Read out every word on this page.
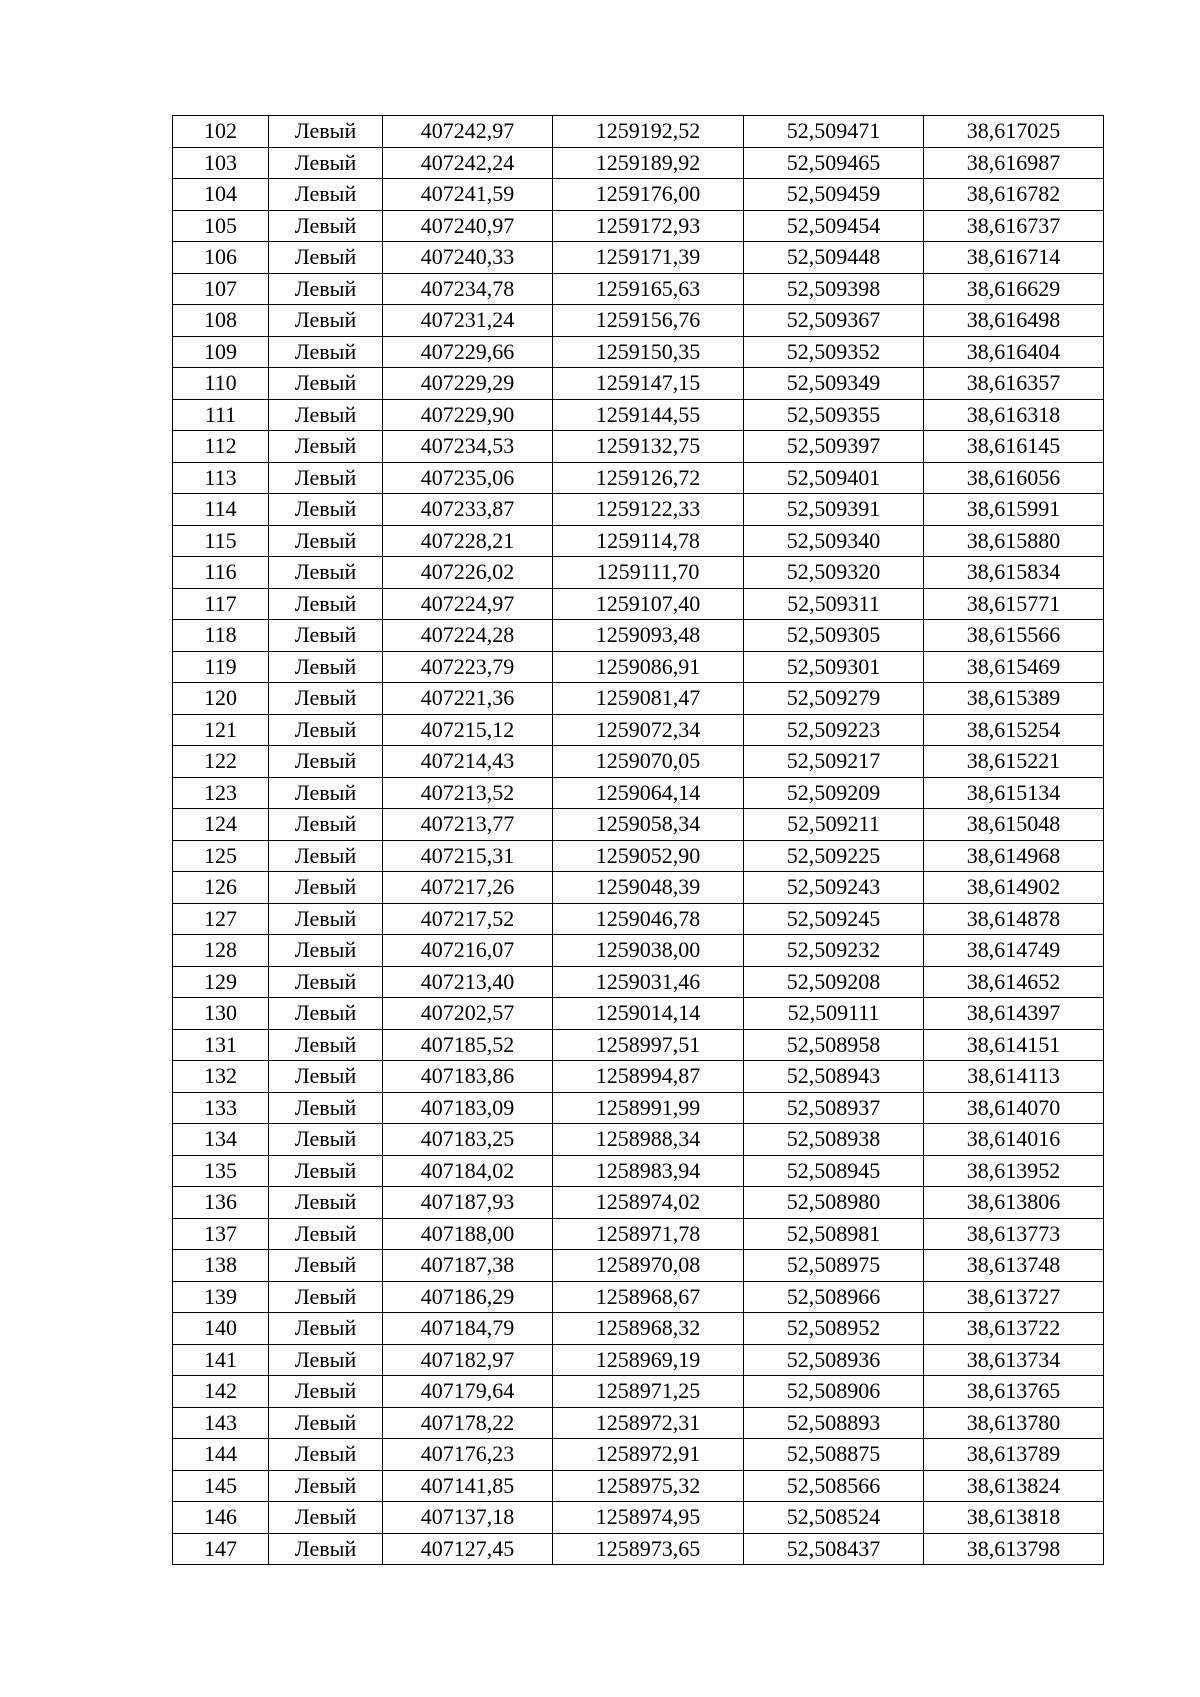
102	Левый	407242,97	1259192,52	52,509471	38,617025
103	Левый	407242,24	1259189,92	52,509465	38,616987
104	Левый	407241,59	1259176,00	52,509459	38,616782
105	Левый	407240,97	1259172,93	52,509454	38,616737
106	Левый	407240,33	1259171,39	52,509448	38,616714
107	Левый	407234,78	1259165,63	52,509398	38,616629
108	Левый	407231,24	1259156,76	52,509367	38,616498
109	Левый	407229,66	1259150,35	52,509352	38,616404
110	Левый	407229,29	1259147,15	52,509349	38,616357
111	Левый	407229,90	1259144,55	52,509355	38,616318
112	Левый	407234,53	1259132,75	52,509397	38,616145
113	Левый	407235,06	1259126,72	52,509401	38,616056
114	Левый	407233,87	1259122,33	52,509391	38,615991
115	Левый	407228,21	1259114,78	52,509340	38,615880
116	Левый	407226,02	1259111,70	52,509320	38,615834
117	Левый	407224,97	1259107,40	52,509311	38,615771
118	Левый	407224,28	1259093,48	52,509305	38,615566
119	Левый	407223,79	1259086,91	52,509301	38,615469
120	Левый	407221,36	1259081,47	52,509279	38,615389
121	Левый	407215,12	1259072,34	52,509223	38,615254
122	Левый	407214,43	1259070,05	52,509217	38,615221
123	Левый	407213,52	1259064,14	52,509209	38,615134
124	Левый	407213,77	1259058,34	52,509211	38,615048
125	Левый	407215,31	1259052,90	52,509225	38,614968
126	Левый	407217,26	1259048,39	52,509243	38,614902
127	Левый	407217,52	1259046,78	52,509245	38,614878
128	Левый	407216,07	1259038,00	52,509232	38,614749
129	Левый	407213,40	1259031,46	52,509208	38,614652
130	Левый	407202,57	1259014,14	52,509111	38,614397
131	Левый	407185,52	1258997,51	52,508958	38,614151
132	Левый	407183,86	1258994,87	52,508943	38,614113
133	Левый	407183,09	1258991,99	52,508937	38,614070
134	Левый	407183,25	1258988,34	52,508938	38,614016
135	Левый	407184,02	1258983,94	52,508945	38,613952
136	Левый	407187,93	1258974,02	52,508980	38,613806
137	Левый	407188,00	1258971,78	52,508981	38,613773
138	Левый	407187,38	1258970,08	52,508975	38,613748
139	Левый	407186,29	1258968,67	52,508966	38,613727
140	Левый	407184,79	1258968,32	52,508952	38,613722
141	Левый	407182,97	1258969,19	52,508936	38,613734
142	Левый	407179,64	1258971,25	52,508906	38,613765
143	Левый	407178,22	1258972,31	52,508893	38,613780
144	Левый	407176,23	1258972,91	52,508875	38,613789
145	Левый	407141,85	1258975,32	52,508566	38,613824
146	Левый	407137,18	1258974,95	52,508524	38,613818
147	Левый	407127,45	1258973,65	52,508437	38,613798
